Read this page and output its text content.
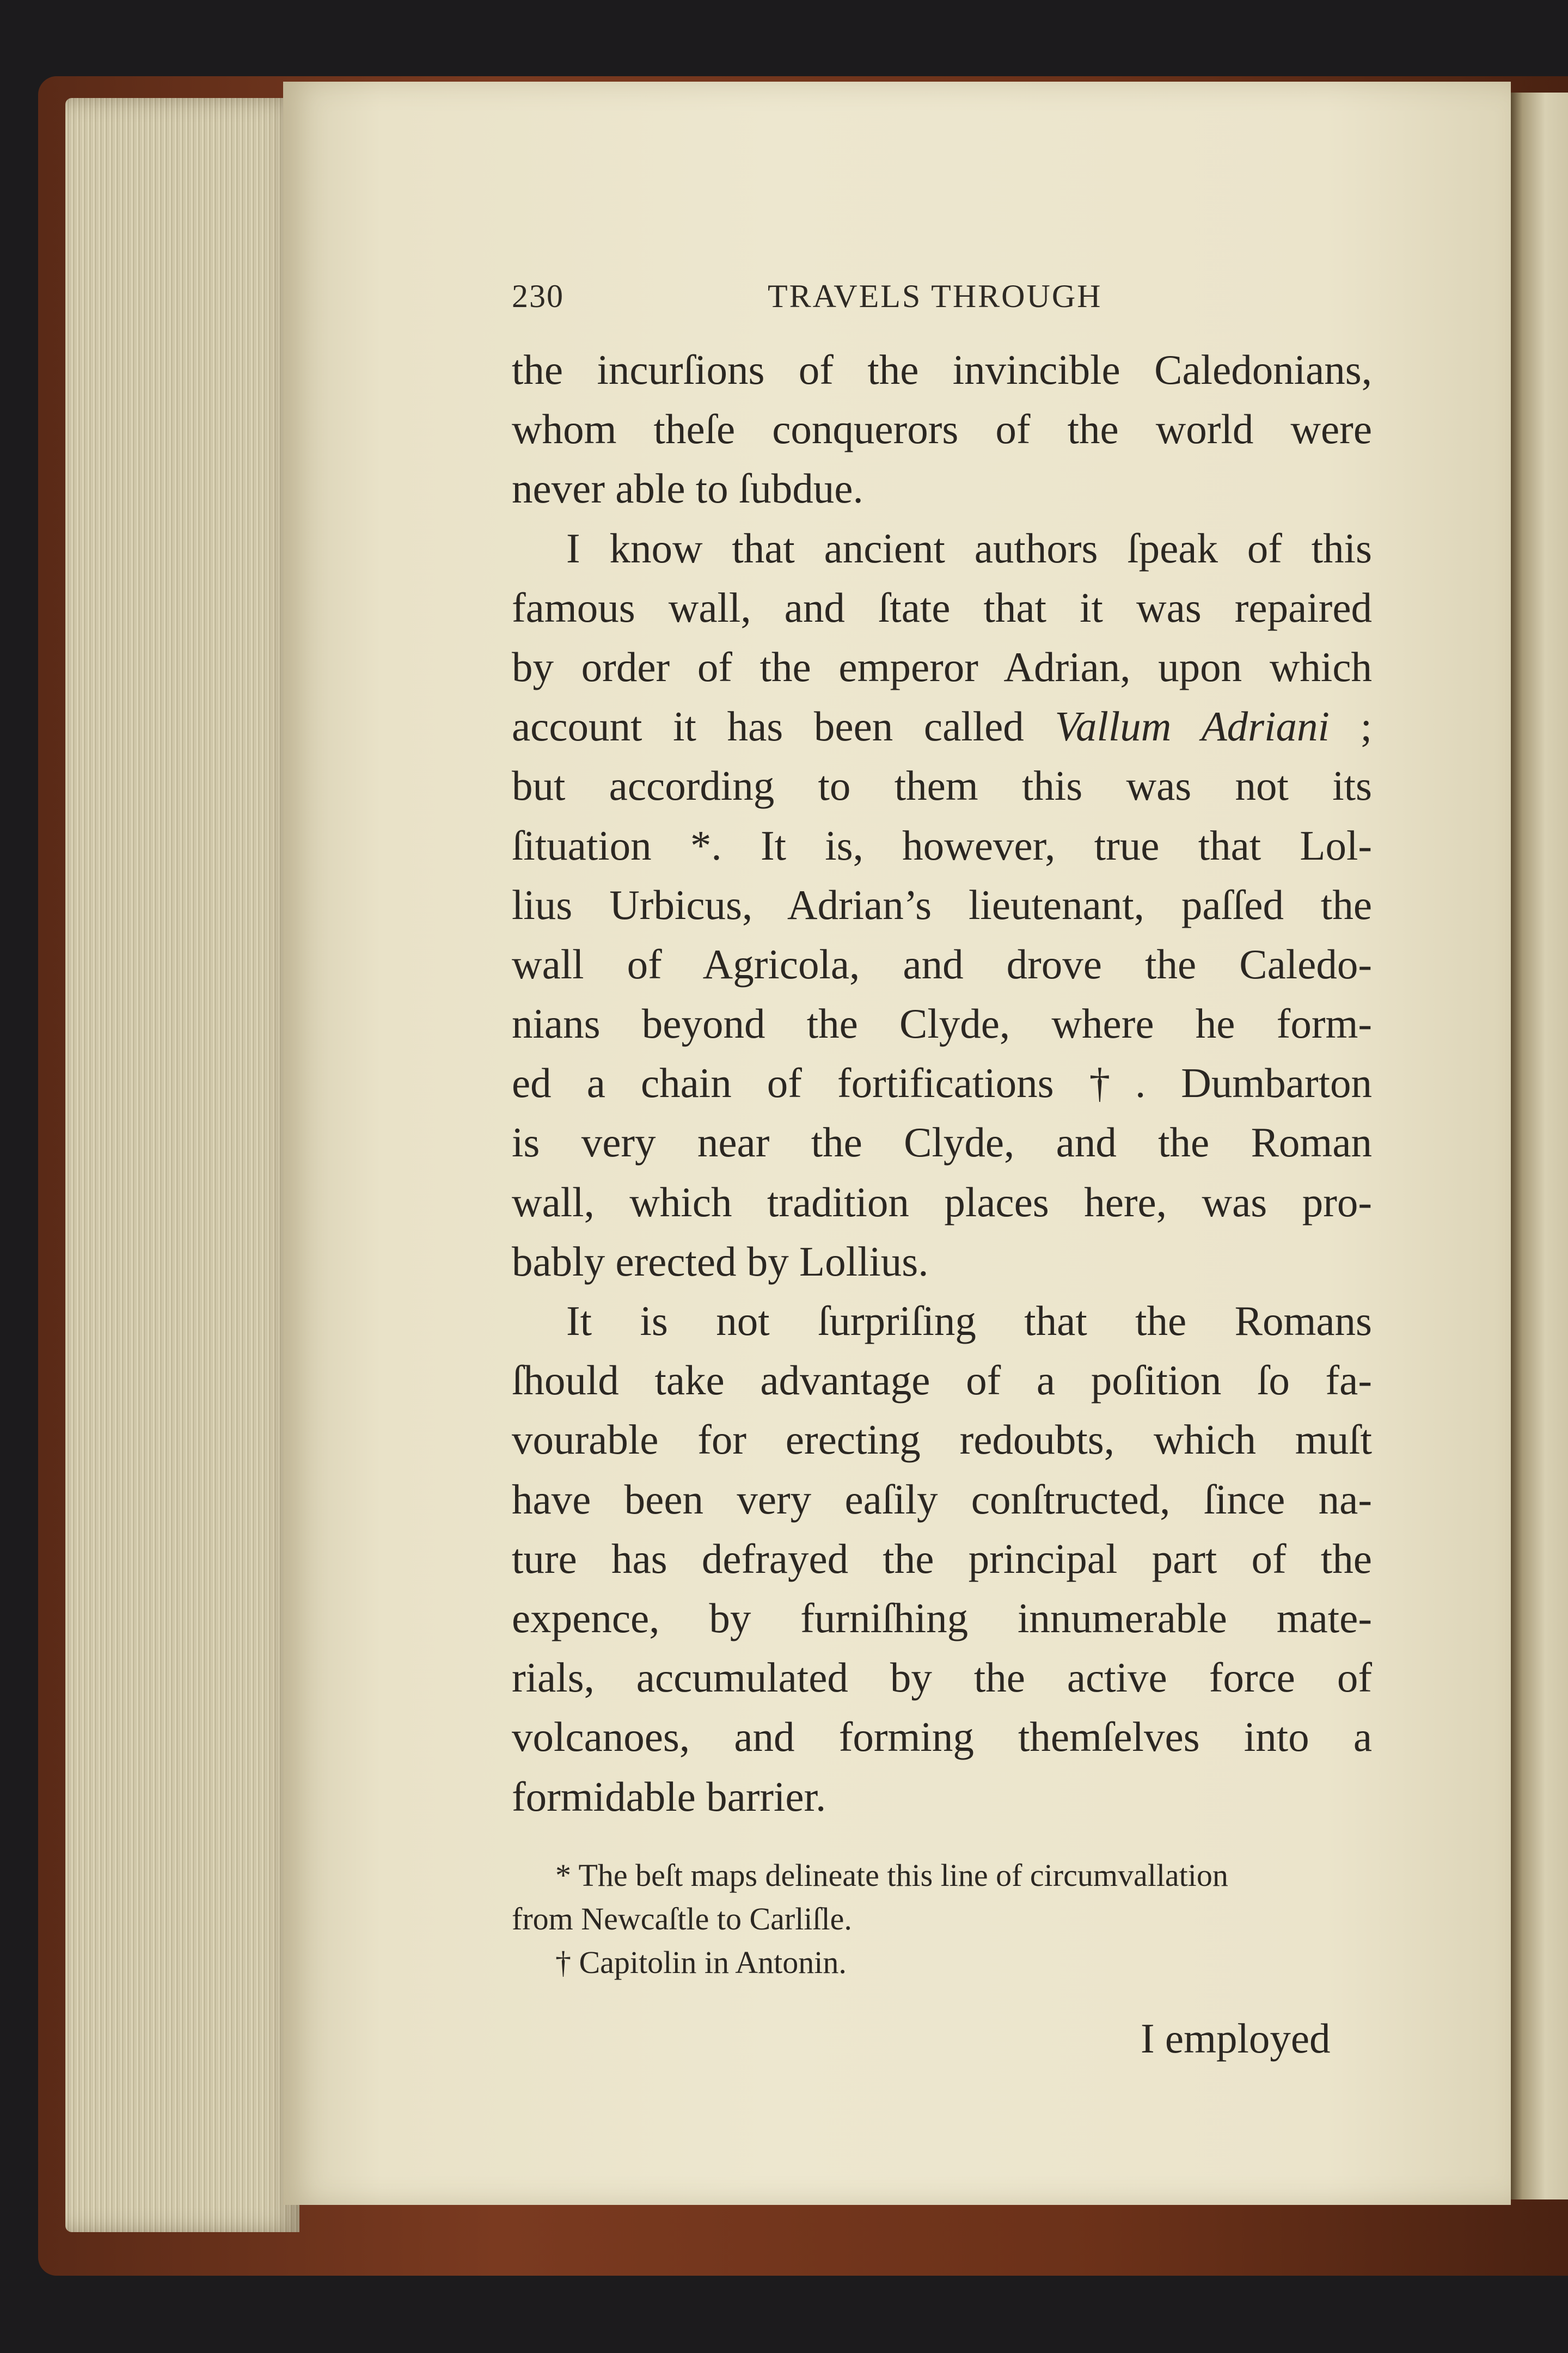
230	TRAVELS THROUGH
the incurſions of the invincible Caledonians,
whom theſe conquerors of the world were
never able to ſubdue.
I know that ancient authors ſpeak of this
famous wall, and ſtate that it was repaired
by order of the emperor Adrian, upon which
account it has been called Vallum Adriani ;
but according to them this was not its
ſituation *. It is, however, true that Lol-
lius Urbicus, Adrian’s lieutenant, paſſed the
wall of Agricola, and drove the Caledo-
nians beyond the Clyde, where he form-
ed a chain of fortifications †. Dumbarton
is very near the Clyde, and the Roman
wall, which tradition places here, was pro-
bably erected by Lollius.
It is not ſurpriſing that the Romans
ſhould take advantage of a poſition ſo fa-
vourable for erecting redoubts, which muſt
have been very eaſily conſtructed, ſince na-
ture has defrayed the principal part of the
expence, by furniſhing innumerable mate-
rials, accumulated by the active force of
volcanoes, and forming themſelves into a
formidable barrier.
* The beſt maps delineate this line of circumvallation
from Newcaſtle to Carliſle.
† Capitolin in Antonin.
I employed
